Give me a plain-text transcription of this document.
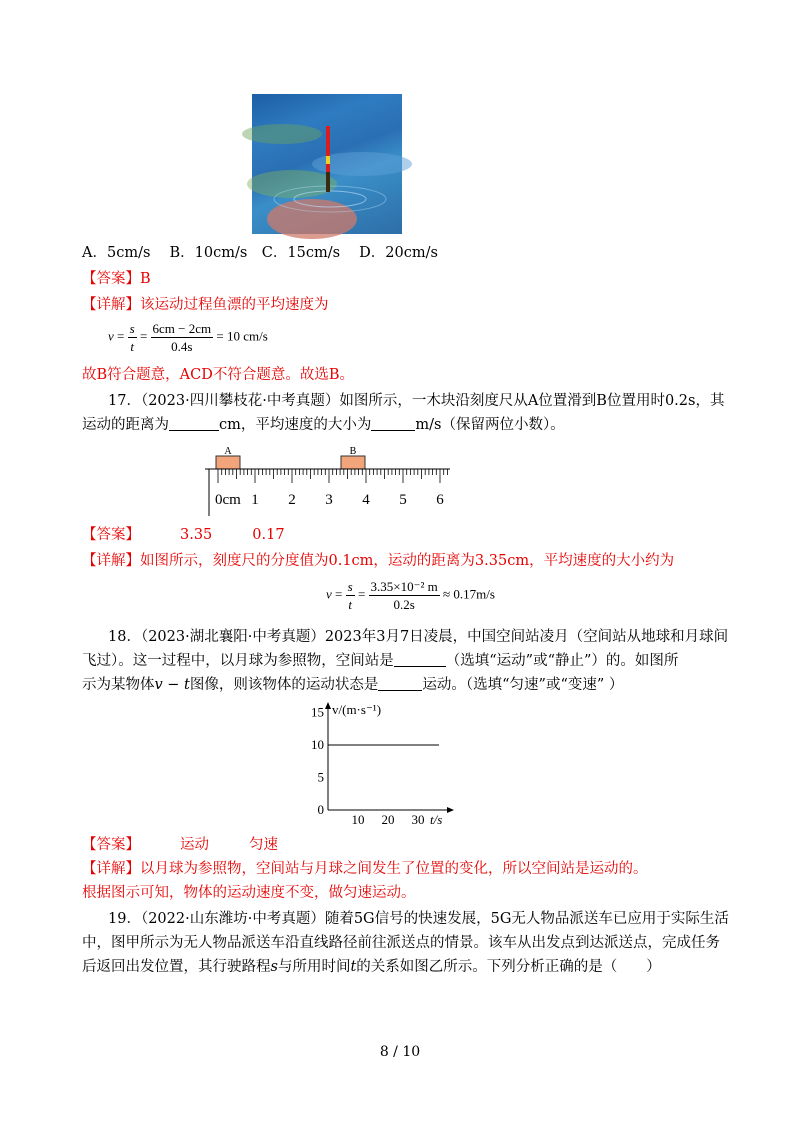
A．5cm/s　 B．10cm/s　C．15cm/s　 D．20cm/s
【答案】B
【详解】该运动过程鱼漂的平均速度为
$v = \frac{s}{t} = \frac{6cm - 2cm}{0.4s} = 10$ cm/s
故B符合题意，ACD不符合题意。故选B。
17．（2023·四川攀枝花·中考真题）如图所示，一木块沿刻度尺从A位置滑到B位置用时0.2s，其
运动的距离为	cm，平均速度的大小为	m/s（保留两位小数）。
A	B
0cm 1 2 3 4 5 6
【答案】	3.35	0.17
【详解】如图所示，刻度尺的分度值为0.1cm，运动的距离为3.35cm，平均速度的大小约为
$v = \frac{s}{t} = \frac{\text{3.35×10⁻² m}}{0.2s} \approx 0.17m/s$
18．（2023·湖北襄阳·中考真题）2023年3月7日凌晨，中国空间站凌月（空间站从地球和月球间
飞过）。这一过程中，以月球为参照物，空间站是	（选填“运动”或“静止”）的。如图所
示为某物体v − t图像，则该物体的运动状态是	运动。（选填“匀速”或“变速” ）
v/(m·s⁻¹)
t/s
0
5
10
15
10 20 30
【答案】	运动	匀速
【详解】以月球为参照物，空间站与月球之间发生了位置的变化，所以空间站是运动的。
根据图示可知，物体的运动速度不变，做匀速运动。
19．（2022·山东潍坊·中考真题）随着5G信号的快速发展，5G无人物品派送车已应用于实际生活
中，图甲所示为无人物品派送车沿直线路径前往派送点的情景。该车从出发点到达派送点，完成任务
后返回出发位置，其行驶路程s与所用时间t的关系如图乙所示。下列分析正确的是（　　）
8 / 10
